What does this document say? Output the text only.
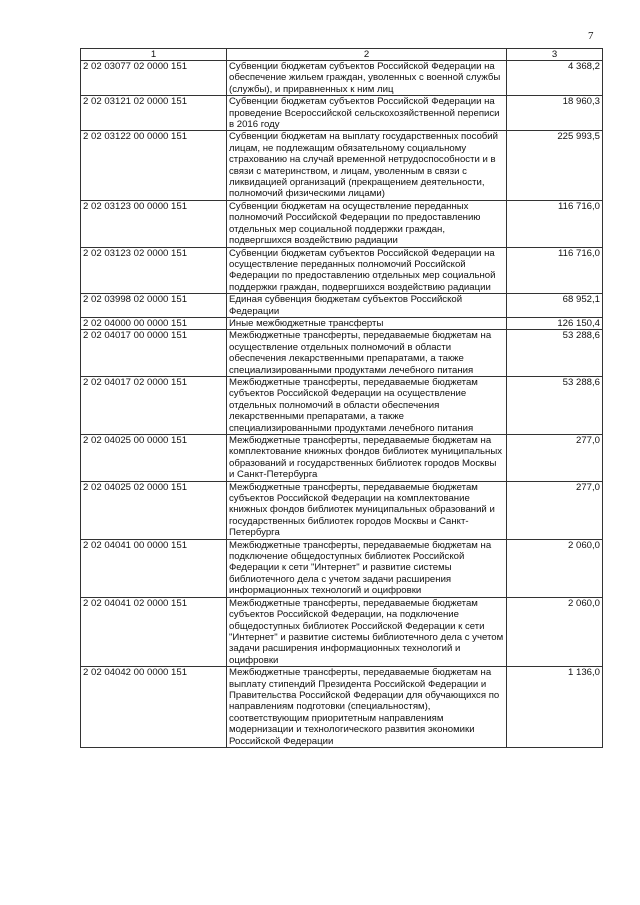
7
1	2	3
2 02 03077 02 0000 151	Субвенции бюджетам субъектов Российской Федерации на обеспечение жильем граждан, уволенных с военной службы (службы), и приравненных к ним лиц	4 368,2
2 02 03121 02 0000 151	Субвенции бюджетам субъектов Российской Федерации на проведение Всероссийской сельскохозяйственной переписи в 2016 году	18 960,3
2 02 03122 00 0000 151	Субвенции бюджетам на выплату государственных пособий лицам, не подлежащим обязательному социальному страхованию на случай временной нетрудоспособности и в связи с материнством, и лицам, уволенным в связи с ликвидацией организаций (прекращением деятельности, полномочий физическими лицами)	225 993,5
2 02 03123 00 0000 151	Субвенции бюджетам на осуществление переданных полномочий Российской Федерации по предоставлению отдельных мер социальной поддержки граждан, подвергшихся воздействию радиации	116 716,0
2 02 03123 02 0000 151	Субвенции бюджетам субъектов Российской Федерации на осуществление переданных полномочий Российской Федерации по предоставлению отдельных мер социальной поддержки граждан, подвергшихся воздействию радиации	116 716,0
2 02 03998 02 0000 151	Единая субвенция бюджетам субъектов Российской Федерации	68 952,1
2 02 04000 00 0000 151	Иные межбюджетные трансферты	126 150,4
2 02 04017 00 0000 151	Межбюджетные трансферты, передаваемые бюджетам на осуществление отдельных полномочий в области обеспечения лекарственными препаратами, а также специализированными продуктами лечебного питания	53 288,6
2 02 04017 02 0000 151	Межбюджетные трансферты, передаваемые бюджетам субъектов Российской Федерации на осуществление отдельных полномочий в области обеспечения лекарственными препаратами, а также специализированными продуктами лечебного питания	53 288,6
2 02 04025 00 0000 151	Межбюджетные трансферты, передаваемые бюджетам на комплектование книжных фондов библиотек муниципальных образований и государственных библиотек городов Москвы и Санкт-Петербурга	277,0
2 02 04025 02 0000 151	Межбюджетные трансферты, передаваемые бюджетам субъектов Российской Федерации на комплектование книжных фондов библиотек муниципальных образований и государственных библиотек городов Москвы и Санкт-Петербурга	277,0
2 02 04041 00 0000 151	Межбюджетные трансферты, передаваемые бюджетам на подключение общедоступных библиотек Российской Федерации к сети "Интернет" и развитие системы библиотечного дела с учетом задачи расширения информационных технологий и оцифровки	2 060,0
2 02 04041 02 0000 151	Межбюджетные трансферты, передаваемые бюджетам субъектов Российской Федерации, на подключение общедоступных библиотек Российской Федерации к сети "Интернет" и развитие системы библиотечного дела с учетом задачи расширения информационных технологий и оцифровки	2 060,0
2 02 04042 00 0000 151	Межбюджетные трансферты, передаваемые бюджетам на выплату стипендий Президента Российской Федерации и Правительства Российской Федерации для обучающихся по направлениям подготовки (специальностям), соответствующим приоритетным направлениям модернизации и технологического развития экономики Российской Федерации	1 136,0
